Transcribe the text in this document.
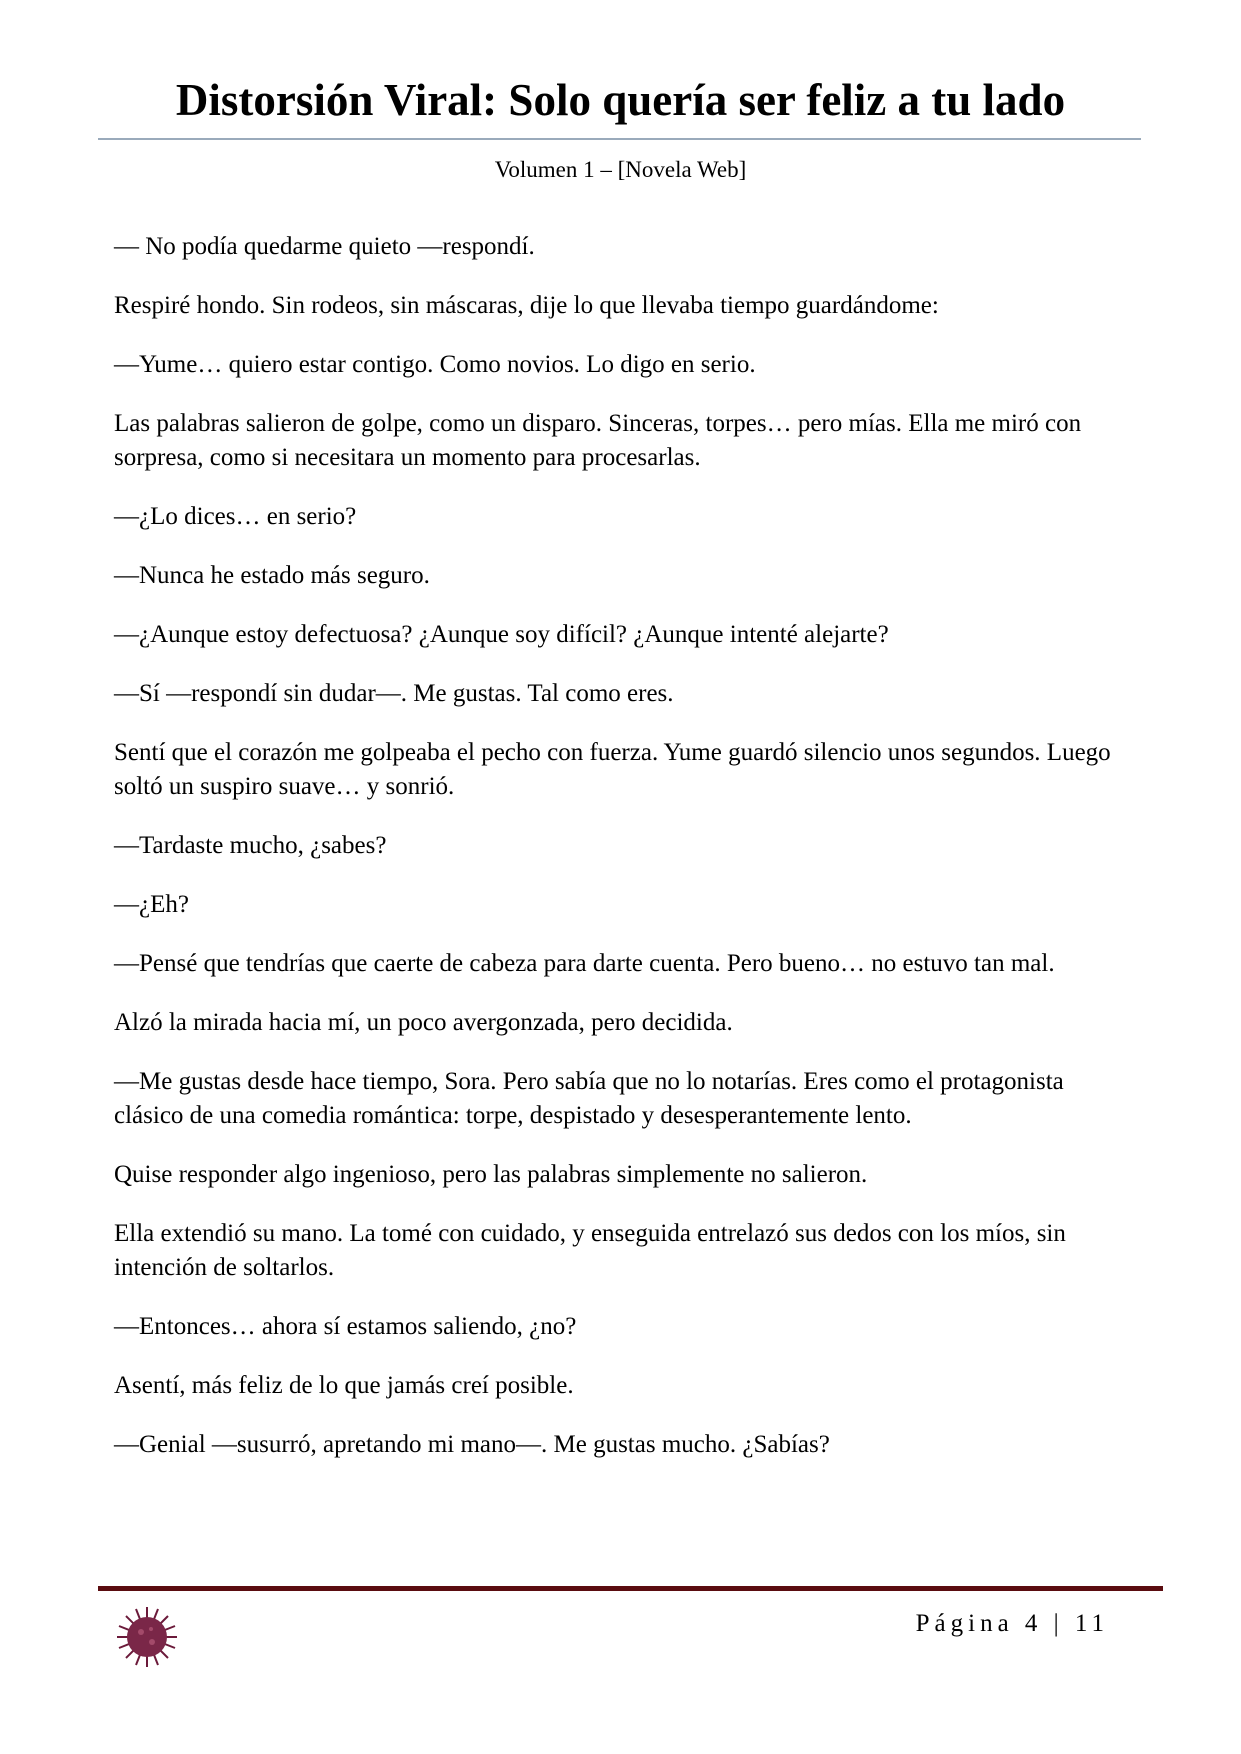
Distorsión Viral: Solo quería ser feliz a tu lado
Volumen 1 – [Novela Web]

— No podía quedarme quieto —respondí.

Respiré hondo. Sin rodeos, sin máscaras, dije lo que llevaba tiempo guardándome:

—Yume… quiero estar contigo. Como novios. Lo digo en serio.

Las palabras salieron de golpe, como un disparo. Sinceras, torpes… pero mías. Ella me miró con sorpresa, como si necesitara un momento para procesarlas.

—¿Lo dices… en serio?

—Nunca he estado más seguro.

—¿Aunque estoy defectuosa? ¿Aunque soy difícil? ¿Aunque intenté alejarte?

—Sí —respondí sin dudar—. Me gustas. Tal como eres.

Sentí que el corazón me golpeaba el pecho con fuerza. Yume guardó silencio unos segundos. Luego soltó un suspiro suave… y sonrió.

—Tardaste mucho, ¿sabes?

—¿Eh?

—Pensé que tendrías que caerte de cabeza para darte cuenta. Pero bueno… no estuvo tan mal.

Alzó la mirada hacia mí, un poco avergonzada, pero decidida.

—Me gustas desde hace tiempo, Sora. Pero sabía que no lo notarías. Eres como el protagonista clásico de una comedia romántica: torpe, despistado y desesperantemente lento.

Quise responder algo ingenioso, pero las palabras simplemente no salieron.

Ella extendió su mano. La tomé con cuidado, y enseguida entrelazó sus dedos con los míos, sin intención de soltarlos.

—Entonces… ahora sí estamos saliendo, ¿no?

Asentí, más feliz de lo que jamás creí posible.

—Genial —susurró, apretando mi mano—. Me gustas mucho. ¿Sabías?

Página 4 | 11
